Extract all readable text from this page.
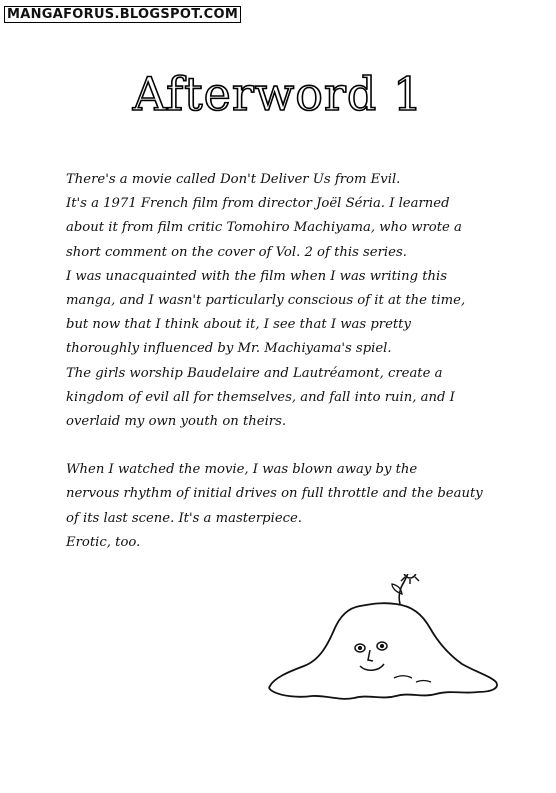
MANGAFORUS.BLOGSPOT.COM
Afterword 1

There's a movie called Don't Deliver Us from Evil.
It's a 1971 French film from director Joël Séria. I learned
about it from film critic Tomohiro Machiyama, who wrote a
short comment on the cover of Vol. 2 of this series.
I was unacquainted with the film when I was writing this
manga, and I wasn't particularly conscious of it at the time,
but now that I think about it, I see that I was pretty
thoroughly influenced by Mr. Machiyama's spiel.
The girls worship Baudelaire and Lautréamont, create a
kingdom of evil all for themselves, and fall into ruin, and I
overlaid my own youth on theirs.

When I watched the movie, I was blown away by the
nervous rhythm of initial drives on full throttle and the beauty
of its last scene. It's a masterpiece.
Erotic, too.
